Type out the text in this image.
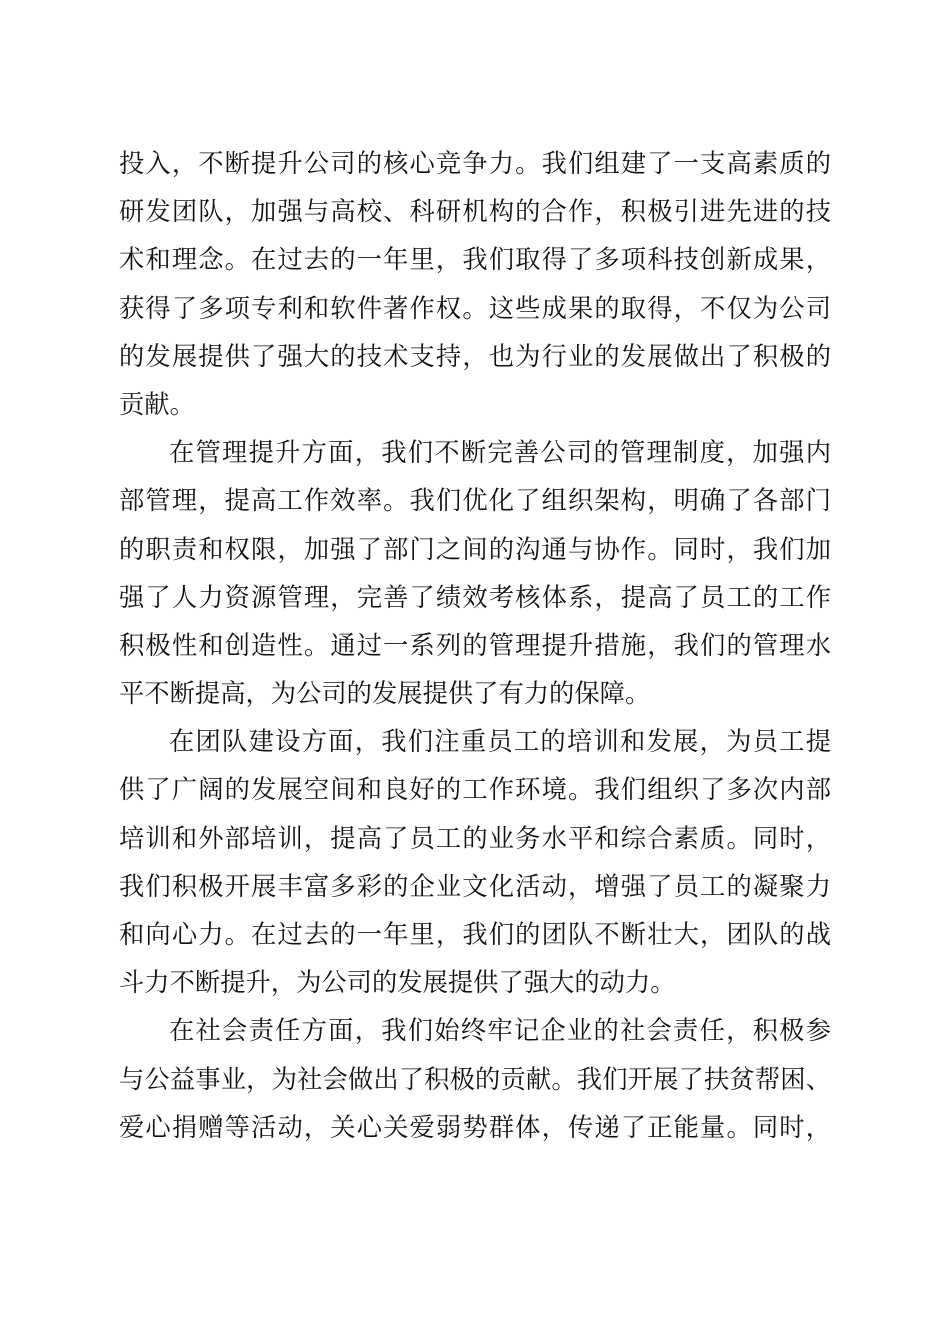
投入，不断提升公司的核心竞争力。我们组建了一支高素质的
研发团队，加强与高校、科研机构的合作，积极引进先进的技
术和理念。在过去的一年里，我们取得了多项科技创新成果，
获得了多项专利和软件著作权。这些成果的取得，不仅为公司
的发展提供了强大的技术支持，也为行业的发展做出了积极的
贡献。
在管理提升方面，我们不断完善公司的管理制度，加强内
部管理，提高工作效率。我们优化了组织架构，明确了各部门
的职责和权限，加强了部门之间的沟通与协作。同时，我们加
强了人力资源管理，完善了绩效考核体系，提高了员工的工作
积极性和创造性。通过一系列的管理提升措施，我们的管理水
平不断提高，为公司的发展提供了有力的保障。
在团队建设方面，我们注重员工的培训和发展，为员工提
供了广阔的发展空间和良好的工作环境。我们组织了多次内部
培训和外部培训，提高了员工的业务水平和综合素质。同时，
我们积极开展丰富多彩的企业文化活动，增强了员工的凝聚力
和向心力。在过去的一年里，我们的团队不断壮大，团队的战
斗力不断提升，为公司的发展提供了强大的动力。
在社会责任方面，我们始终牢记企业的社会责任，积极参
与公益事业，为社会做出了积极的贡献。我们开展了扶贫帮困、
爱心捐赠等活动，关心关爱弱势群体，传递了正能量。同时，
